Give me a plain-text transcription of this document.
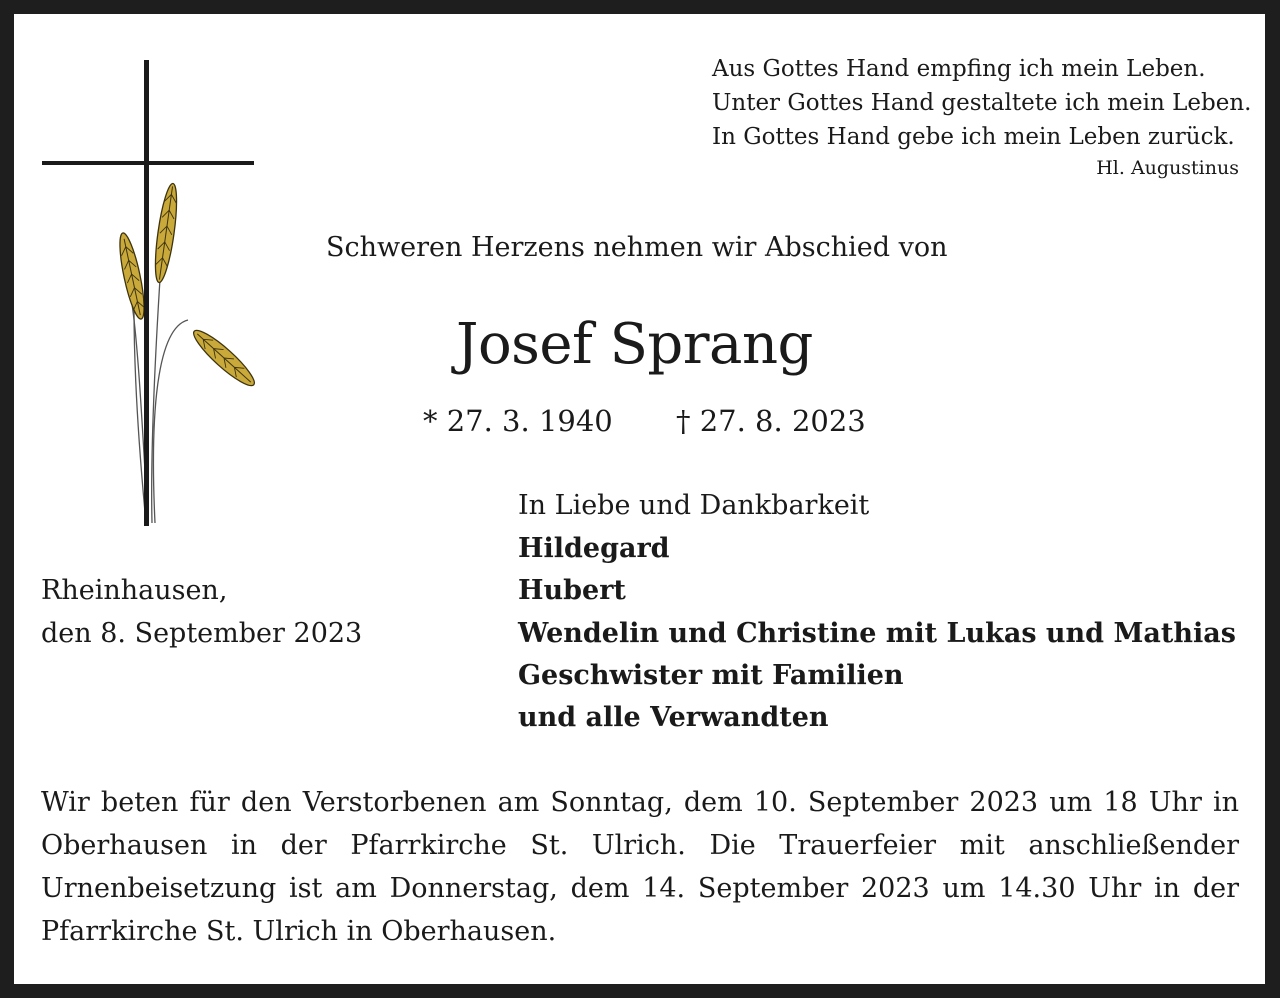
Aus Gottes Hand empfing ich mein Leben.
Unter Gottes Hand gestaltete ich mein Leben.
In Gottes Hand gebe ich mein Leben zurück.
Hl. Augustinus
Schweren Herzens nehmen wir Abschied von
Josef Sprang
* 27. 3. 1940 † 27. 8. 2023
In Liebe und Dankbarkeit
Hildegard
Hubert
Wendelin und Christine mit Lukas und Mathias
Geschwister mit Familien
und alle Verwandten
Rheinhausen,
den 8. September 2023
Wir beten für den Verstorbenen am Sonntag, dem 10. September 2023 um 18 Uhr in Oberhausen in der Pfarrkirche St. Ulrich. Die Trauerfeier mit anschließender Urnenbeisetzung ist am Donnerstag, dem 14. September 2023 um 14.30 Uhr in der Pfarrkirche St. Ulrich in Oberhausen.
